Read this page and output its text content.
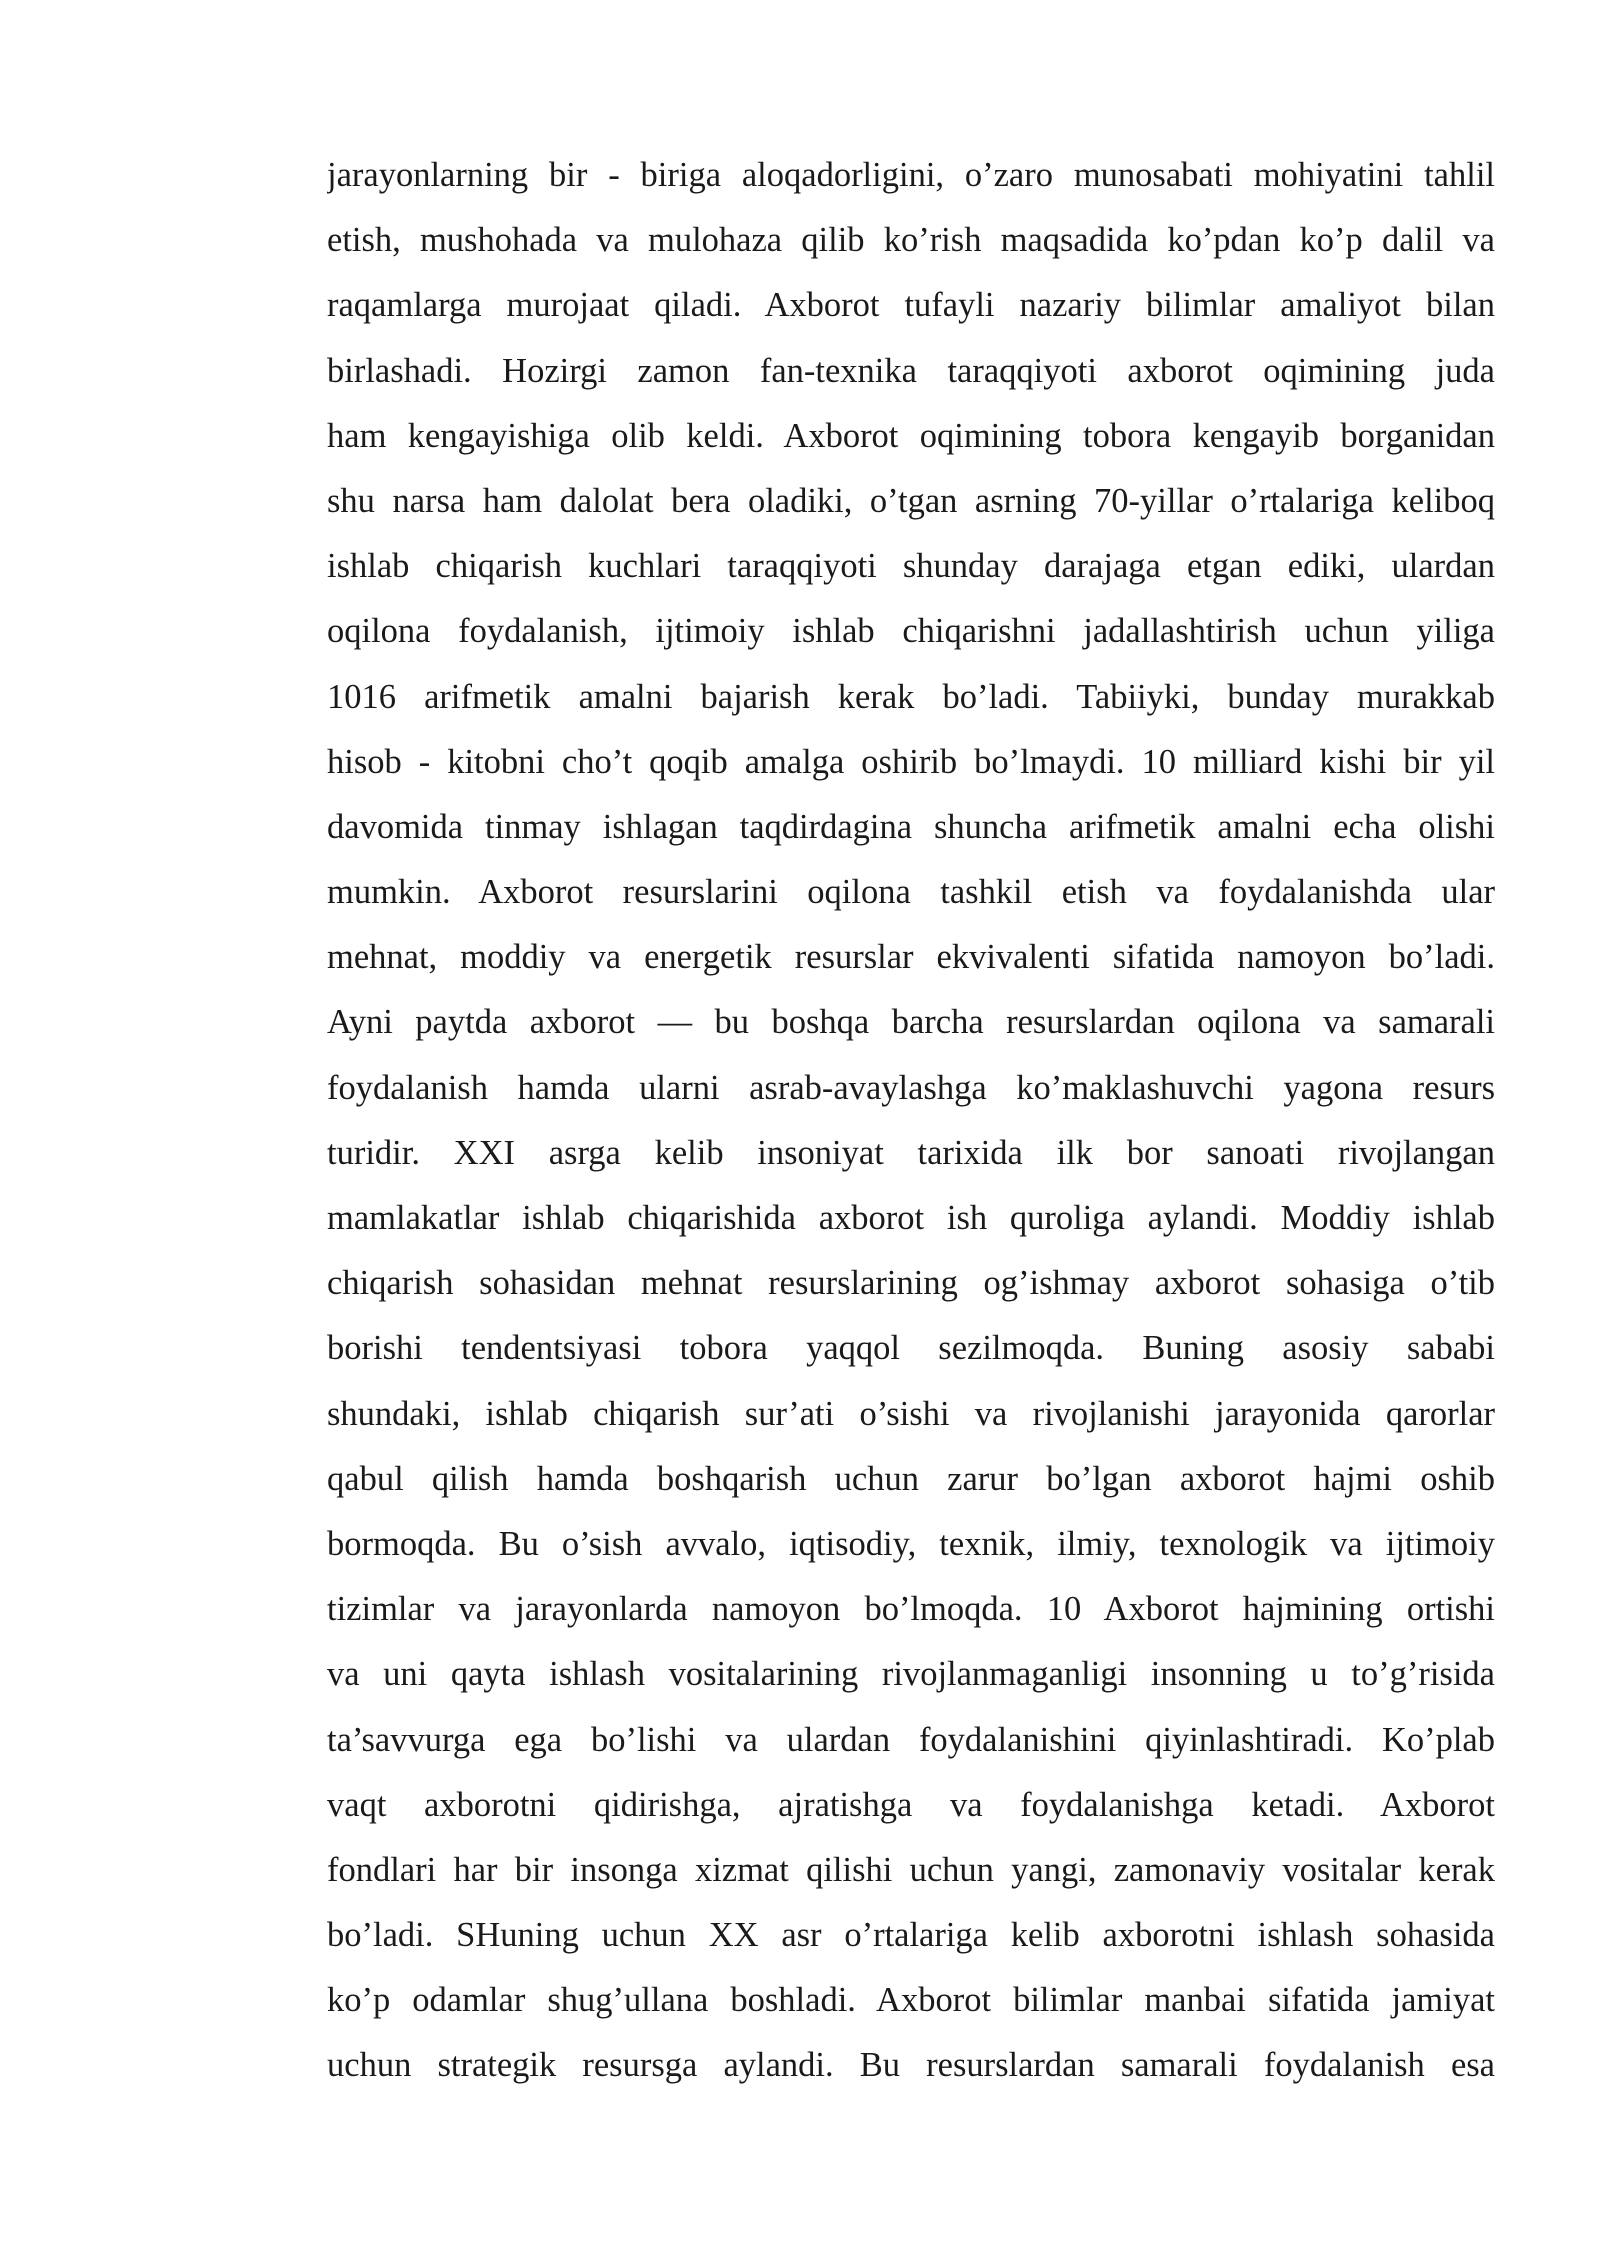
jarayonlarning bir - biriga aloqadorligini, o’zaro munosabati mohiyatini tahlil
etish, mushohada va mulohaza qilib ko’rish maqsadida ko’pdan ko’p dalil va
raqamlarga murojaat qiladi. Axborot tufayli nazariy bilimlar amaliyot bilan
birlashadi. Hozirgi zamon fan-texnika taraqqiyoti axborot oqimining juda
ham kengayishiga olib keldi. Axborot oqimining tobora kengayib borganidan
shu narsa ham dalolat bera oladiki, o’tgan asrning 70-yillar o’rtalariga keliboq
ishlab chiqarish kuchlari taraqqiyoti shunday darajaga etgan ediki, ulardan
oqilona foydalanish, ijtimoiy ishlab chiqarishni jadallashtirish uchun yiliga
1016 arifmetik amalni bajarish kerak bo’ladi. Tabiiyki, bunday murakkab
hisob - kitobni cho’t qoqib amalga oshirib bo’lmaydi. 10 milliard kishi bir yil
davomida tinmay ishlagan taqdirdagina shuncha arifmetik amalni echa olishi
mumkin. Axborot resurslarini oqilona tashkil etish va foydalanishda ular
mehnat, moddiy va energetik resurslar ekvivalenti sifatida namoyon bo’ladi.
Ayni paytda axborot — bu boshqa barcha resurslardan oqilona va samarali
foydalanish hamda ularni asrab-avaylashga ko’maklashuvchi yagona resurs
turidir. XXI asrga kelib insoniyat tarixida ilk bor sanoati rivojlangan
mamlakatlar ishlab chiqarishida axborot ish quroliga aylandi. Moddiy ishlab
chiqarish sohasidan mehnat resurslarining og’ishmay axborot sohasiga o’tib
borishi tendentsiyasi tobora yaqqol sezilmoqda. Buning asosiy sababi
shundaki, ishlab chiqarish sur’ati o’sishi va rivojlanishi jarayonida qarorlar
qabul qilish hamda boshqarish uchun zarur bo’lgan axborot hajmi oshib
bormoqda. Bu o’sish avvalo, iqtisodiy, texnik, ilmiy, texnologik va ijtimoiy
tizimlar va jarayonlarda namoyon bo’lmoqda. 10 Axborot hajmining ortishi
va uni qayta ishlash vositalarining rivojlanmaganligi insonning u to’g’risida
ta’savvurga ega bo’lishi va ulardan foydalanishini qiyinlashtiradi. Ko’plab
vaqt axborotni qidirishga, ajratishga va foydalanishga ketadi. Axborot
fondlari har bir insonga xizmat qilishi uchun yangi, zamonaviy vositalar kerak
bo’ladi. SHuning uchun XX asr o’rtalariga kelib axborotni ishlash sohasida
ko’p odamlar shug’ullana boshladi. Axborot bilimlar manbai sifatida jamiyat
uchun strategik resursga aylandi. Bu resurslardan samarali foydalanish esa
